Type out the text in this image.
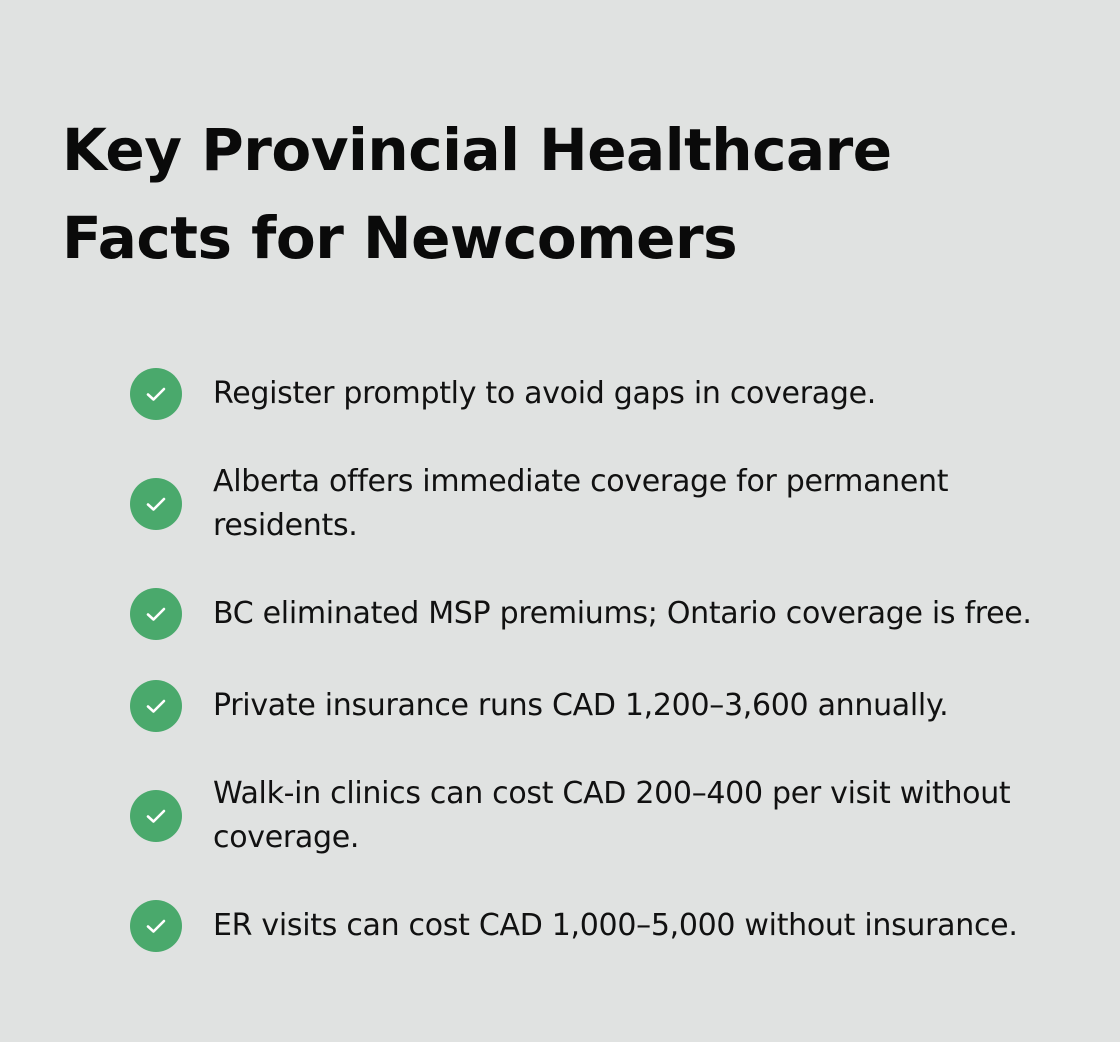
Key Provincial Healthcare
Facts for Newcomers
Register promptly to avoid gaps in coverage.
Alberta offers immediate coverage for permanent residents.
BC eliminated MSP premiums; Ontario coverage is free.
Private insurance runs CAD 1,200–3,600 annually.
Walk-in clinics can cost CAD 200–400 per visit without coverage.
ER visits can cost CAD 1,000–5,000 without insurance.
